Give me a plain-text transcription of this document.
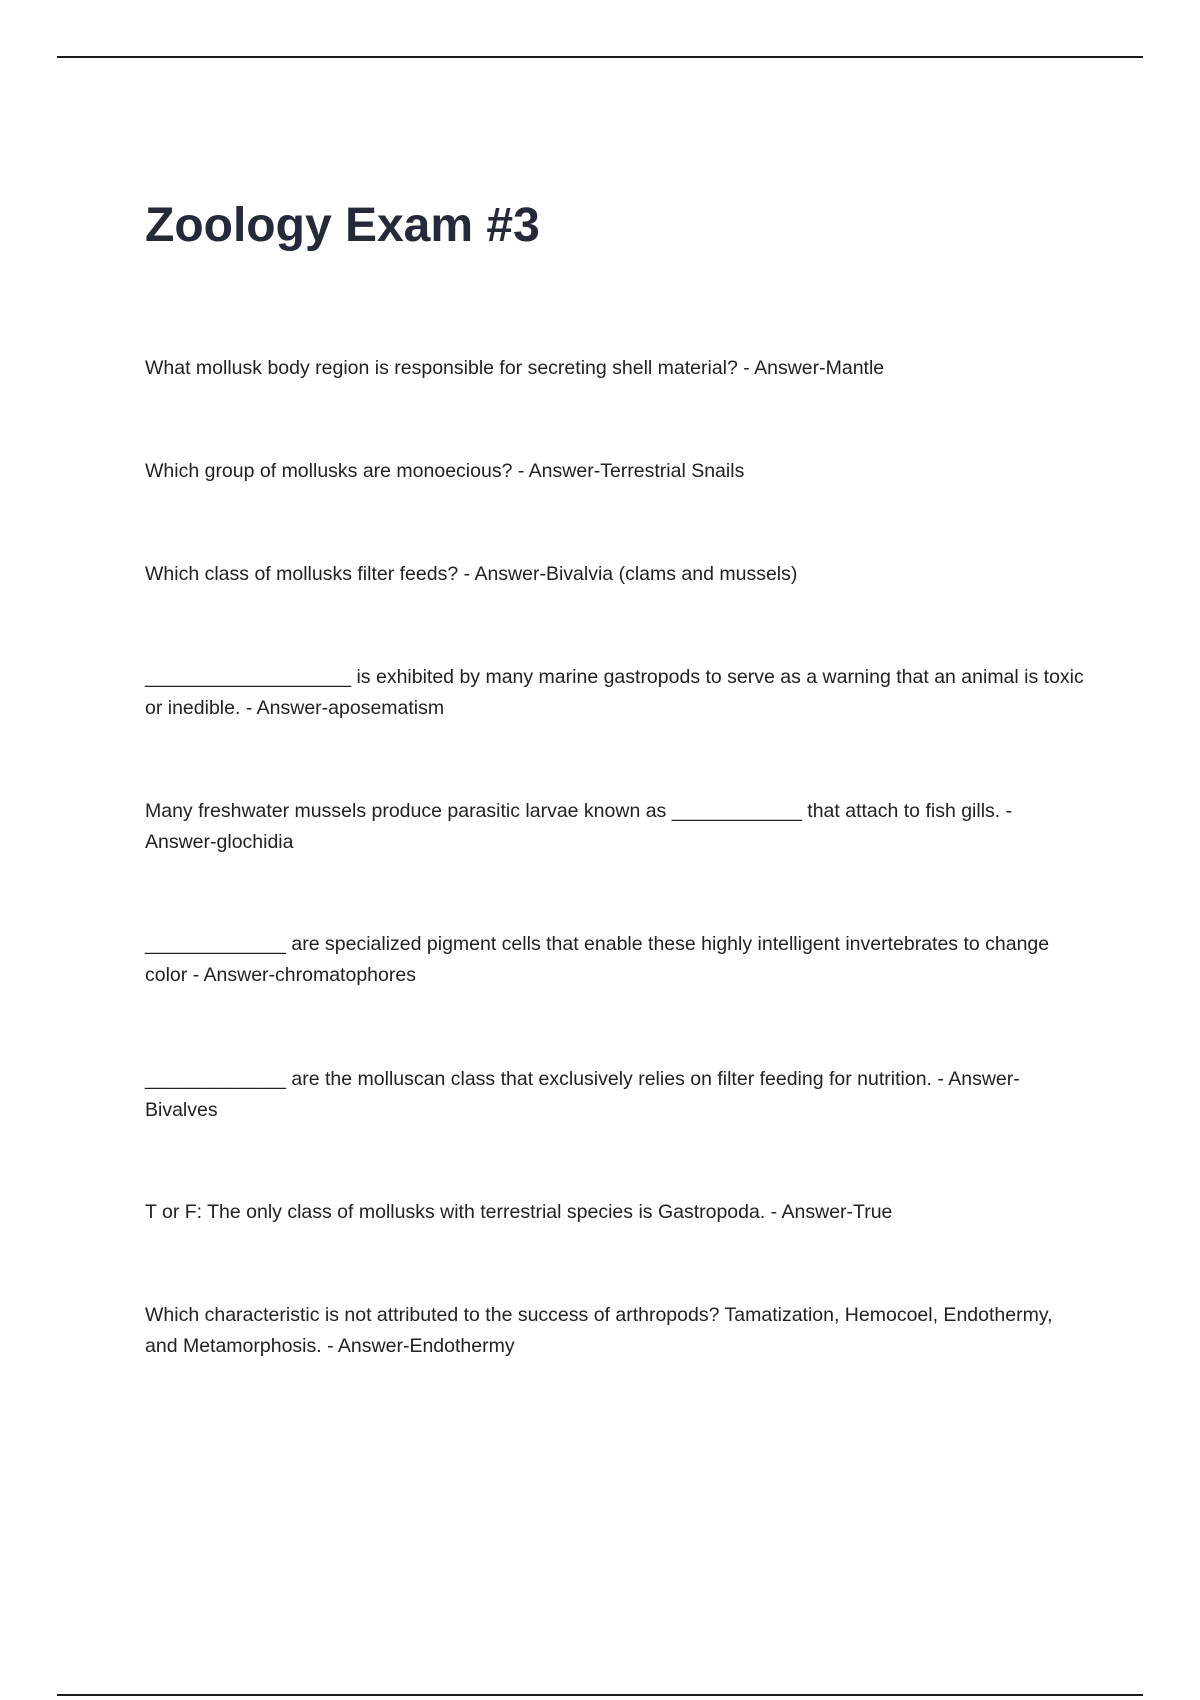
Zoology Exam #3

What mollusk body region is responsible for secreting shell material? - Answer-Mantle

Which group of mollusks are monoecious? - Answer-Terrestrial Snails

Which class of mollusks filter feeds? - Answer-Bivalvia (clams and mussels)

___________________ is exhibited by many marine gastropods to serve as a warning that an animal is toxic or inedible. - Answer-aposematism

Many freshwater mussels produce parasitic larvae known as ____________ that attach to fish gills. - Answer-glochidia

_____________ are specialized pigment cells that enable these highly intelligent invertebrates to change color - Answer-chromatophores

_____________ are the molluscan class that exclusively relies on filter feeding for nutrition. - Answer-Bivalves

T or F: The only class of mollusks with terrestrial species is Gastropoda. - Answer-True

Which characteristic is not attributed to the success of arthropods? Tamatization, Hemocoel, Endothermy, and Metamorphosis. - Answer-Endothermy
